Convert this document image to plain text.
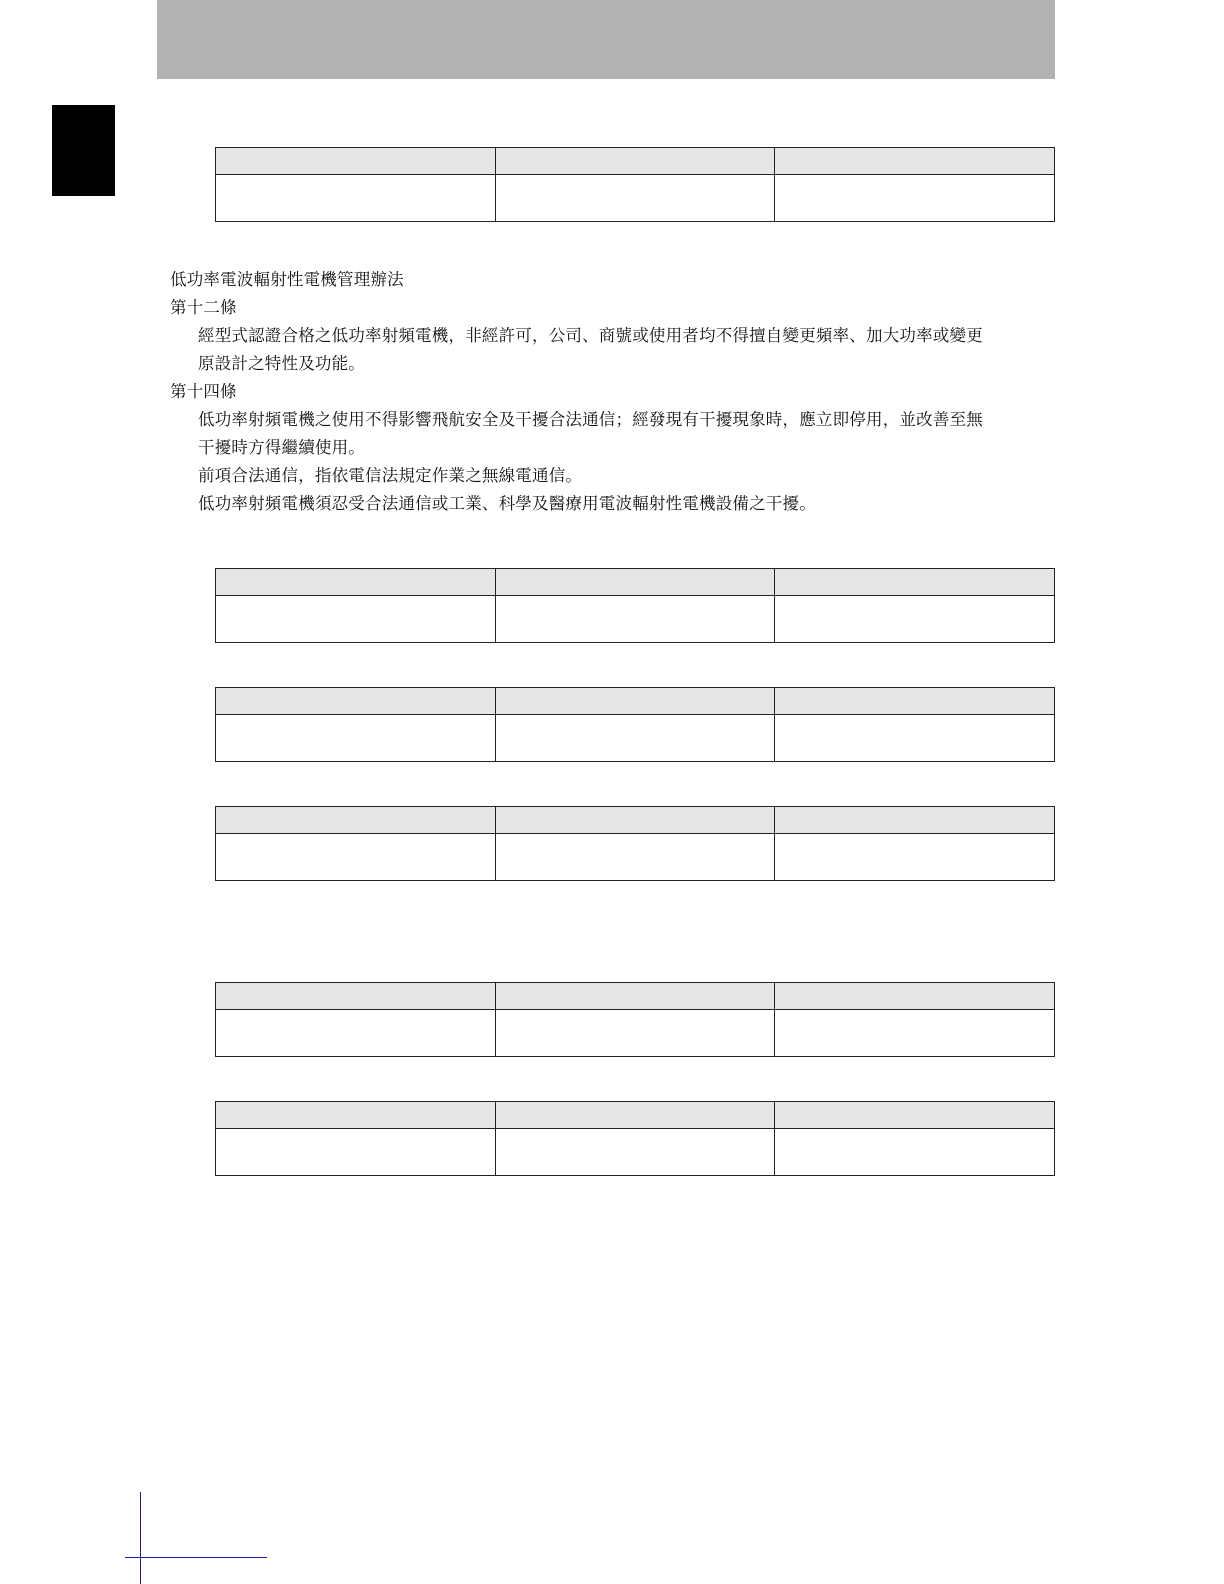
低功率電波輻射性電機管理辦法

第十二條

經型式認證合格之低功率射頻電機，非經許可，公司、商號或使用者均不得擅自變更頻率、加大功率或變更

原設計之特性及功能。

第十四條

低功率射頻電機之使用不得影響飛航安全及干擾合法通信；經發現有干擾現象時，應立即停用，並改善至無

干擾時方得繼續使用。

前項合法通信，指依電信法規定作業之無線電通信。

低功率射頻電機須忍受合法通信或工業、科學及醫療用電波輻射性電機設備之干擾。
